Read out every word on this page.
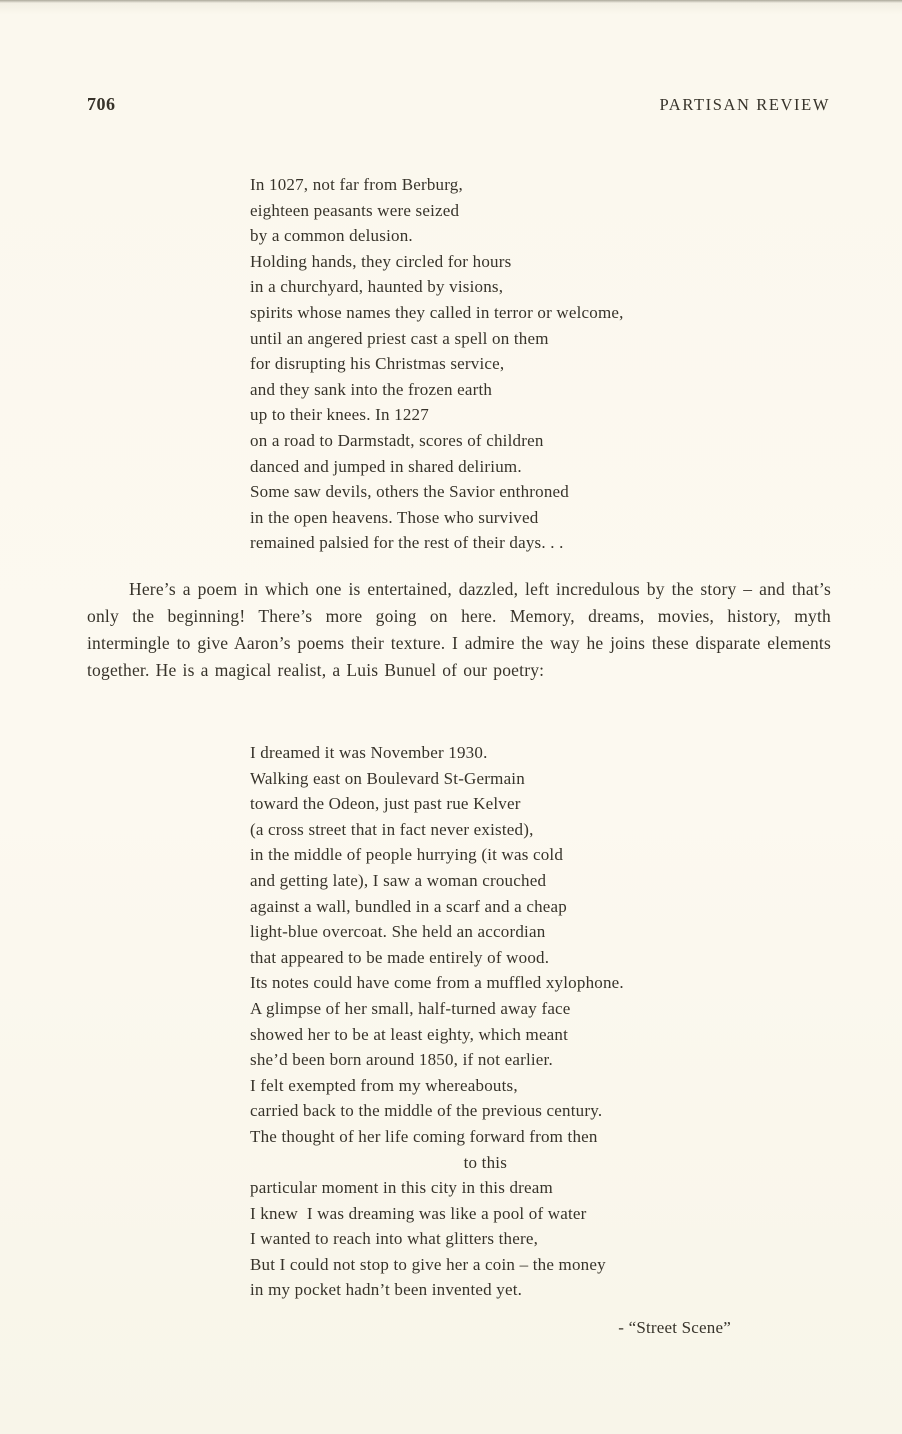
706	PARTISAN REVIEW
In 1027, not far from Berburg,
eighteen peasants were seized
by a common delusion.
Holding hands, they circled for hours
in a churchyard, haunted by visions,
spirits whose names they called in terror or welcome,
until an angered priest cast a spell on them
for disrupting his Christmas service,
and they sank into the frozen earth
up to their knees. In 1227
on a road to Darmstadt, scores of children
danced and jumped in shared delirium.
Some saw devils, others the Savior enthroned
in the open heavens. Those who survived
remained palsied for the rest of their days. . .

Here’s a poem in which one is entertained, dazzled, left incredulous by the story – and that’s only the beginning! There’s more going on here. Memory, dreams, movies, history, myth intermingle to give Aaron’s poems their texture. I admire the way he joins these disparate elements together. He is a magical realist, a Luis Bunuel of our poetry:

I dreamed it was November 1930.
Walking east on Boulevard St-Germain
toward the Odeon, just past rue Kelver
(a cross street that in fact never existed),
in the middle of people hurrying (it was cold
and getting late), I saw a woman crouched
against a wall, bundled in a scarf and a cheap
light-blue overcoat. She held an accordian
that appeared to be made entirely of wood.
Its notes could have come from a muffled xylophone.
A glimpse of her small, half-turned away face
showed her to be at least eighty, which meant
she’d been born around 1850, if not earlier.
I felt exempted from my whereabouts,
carried back to the middle of the previous century.
The thought of her life coming forward from then
to this
particular moment in this city in this dream
I knew  I was dreaming was like a pool of water
I wanted to reach into what glitters there,
But I could not stop to give her a coin – the money
in my pocket hadn’t been invented yet.
- “Street Scene”
